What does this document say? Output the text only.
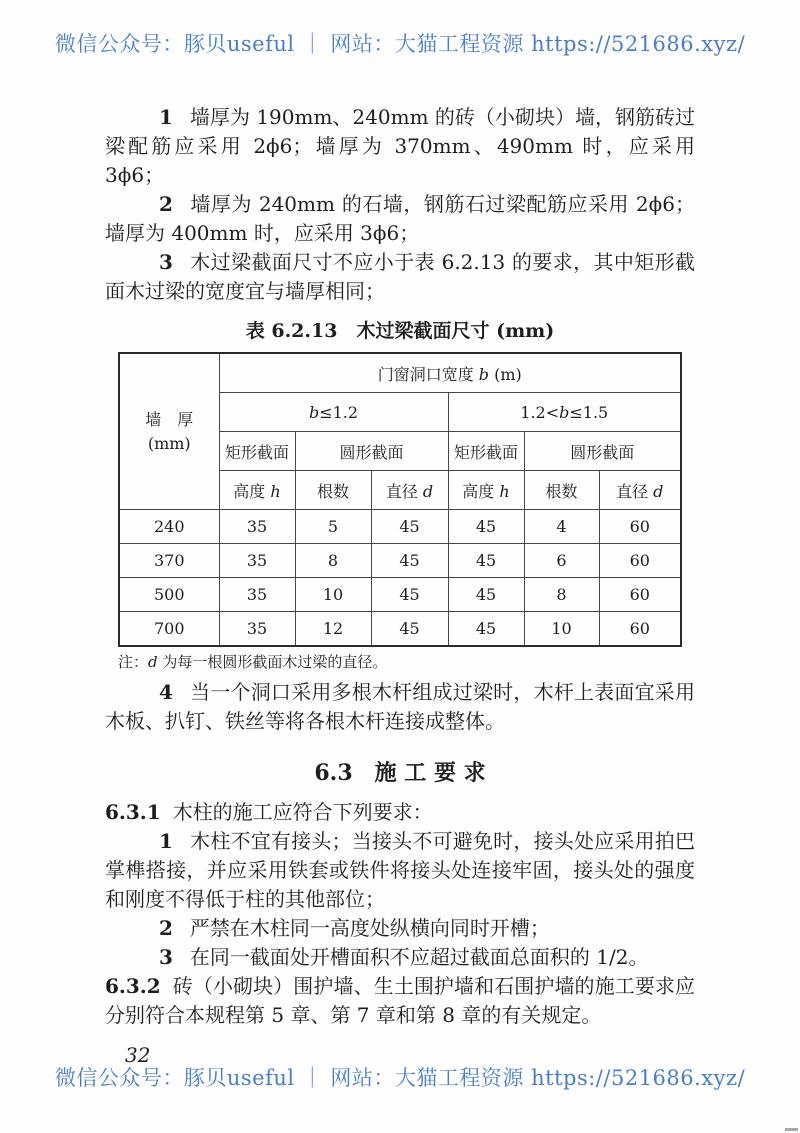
微信公众号：豚贝useful ｜ 网站：大猫工程资源 https://521686.xyz/

1 墙厚为 190mm、240mm 的砖（小砌块）墙，钢筋砖过梁配筋应采用 2ϕ6；墙厚为 370mm、490mm 时，应采用 3ϕ6；

2 墙厚为 240mm 的石墙，钢筋石过梁配筋应采用 2ϕ6；墙厚为 400mm 时，应采用 3ϕ6；

3 木过梁截面尺寸不应小于表 6.2.13 的要求，其中矩形截面木过梁的宽度宜与墙厚相同；

表 6.2.13　木过梁截面尺寸 (mm)
墙　厚
(mm)	门窗洞口宽度 b (m)					
	b≤1.2			1.2<b≤1.5		
	矩形截面	圆形截面		矩形截面	圆形截面	
	高度 h	根数	直径 d	高度 h	根数	直径 d
240	35	5	45	45	4	60
370	35	8	45	45	6	60
500	35	10	45	45	8	60
700	35	12	45	45	10	60
注：d 为每一根圆形截面木过梁的直径。

4 当一个洞口采用多根木杆组成过梁时，木杆上表面宜采用木板、扒钉、铁丝等将各根木杆连接成整体。

6.3 施 工 要 求

6.3.1 木柱的施工应符合下列要求：

1 木柱不宜有接头；当接头不可避免时，接头处应采用拍巴掌榫搭接，并应采用铁套或铁件将接头处连接牢固，接头处的强度和刚度不得低于柱的其他部位；

2 严禁在木柱同一高度处纵横向同时开槽；

3 在同一截面处开槽面积不应超过截面总面积的 1/2。

6.3.2 砖（小砌块）围护墙、生土围护墙和石围护墙的施工要求应分别符合本规程第 5 章、第 7 章和第 8 章的有关规定。

32
微信公众号：豚贝useful ｜ 网站：大猫工程资源 https://521686.xyz/
